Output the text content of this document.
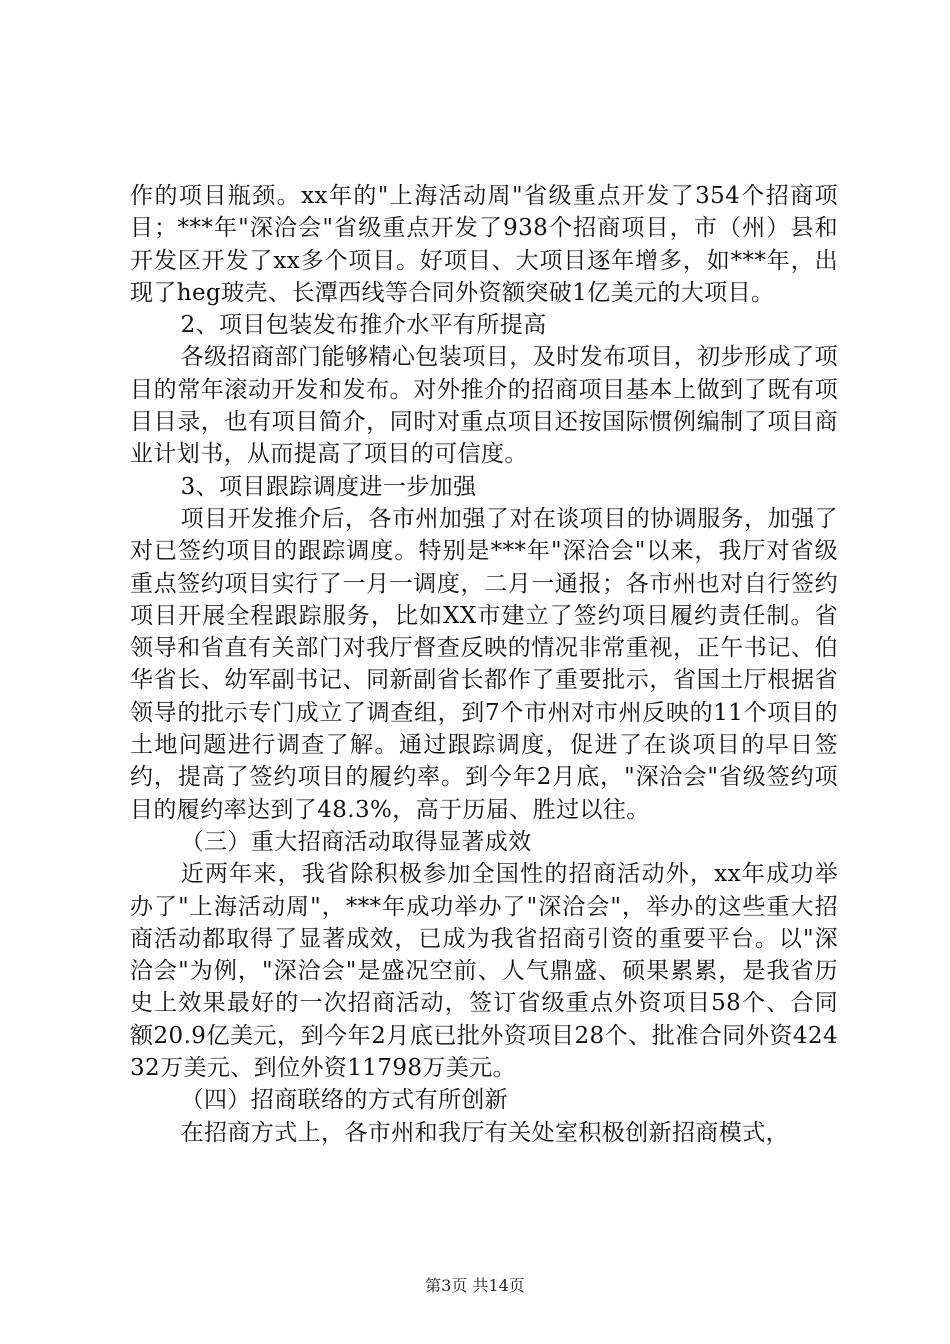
作的项目瓶颈。xx年的"上海活动周"省级重点开发了354个招商项目；***年"深洽会"省级重点开发了938个招商项目，市（州）县和开发区开发了xx多个项目。好项目、大项目逐年增多，如***年，出现了heg玻壳、长潭西线等合同外资额突破1亿美元的大项目。

2、项目包装发布推介水平有所提高

各级招商部门能够精心包装项目，及时发布项目，初步形成了项目的常年滚动开发和发布。对外推介的招商项目基本上做到了既有项目目录，也有项目简介，同时对重点项目还按国际惯例编制了项目商业计划书，从而提高了项目的可信度。

3、项目跟踪调度进一步加强

项目开发推介后，各市州加强了对在谈项目的协调服务，加强了对已签约项目的跟踪调度。特别是***年"深洽会"以来，我厅对省级重点签约项目实行了一月一调度，二月一通报；各市州也对自行签约项目开展全程跟踪服务，比如XX市建立了签约项目履约责任制。省领导和省直有关部门对我厅督查反映的情况非常重视，正午书记、伯华省长、幼军副书记、同新副省长都作了重要批示，省国土厅根据省领导的批示专门成立了调查组，到7个市州对市州反映的11个项目的土地问题进行调查了解。通过跟踪调度，促进了在谈项目的早日签约，提高了签约项目的履约率。到今年2月底，"深洽会"省级签约项目的履约率达到了48.3%，高于历届、胜过以往。

（三）重大招商活动取得显著成效

近两年来，我省除积极参加全国性的招商活动外，xx年成功举办了"上海活动周"，***年成功举办了"深洽会"，举办的这些重大招商活动都取得了显著成效，已成为我省招商引资的重要平台。以"深洽会"为例，"深洽会"是盛况空前、人气鼎盛、硕果累累，是我省历史上效果最好的一次招商活动，签订省级重点外资项目58个、合同额20.9亿美元，到今年2月底已批外资项目28个、批准合同外资42432万美元、到位外资11798万美元。

（四）招商联络的方式有所创新

在招商方式上，各市州和我厅有关处室积极创新招商模式，

第3页 共14页
